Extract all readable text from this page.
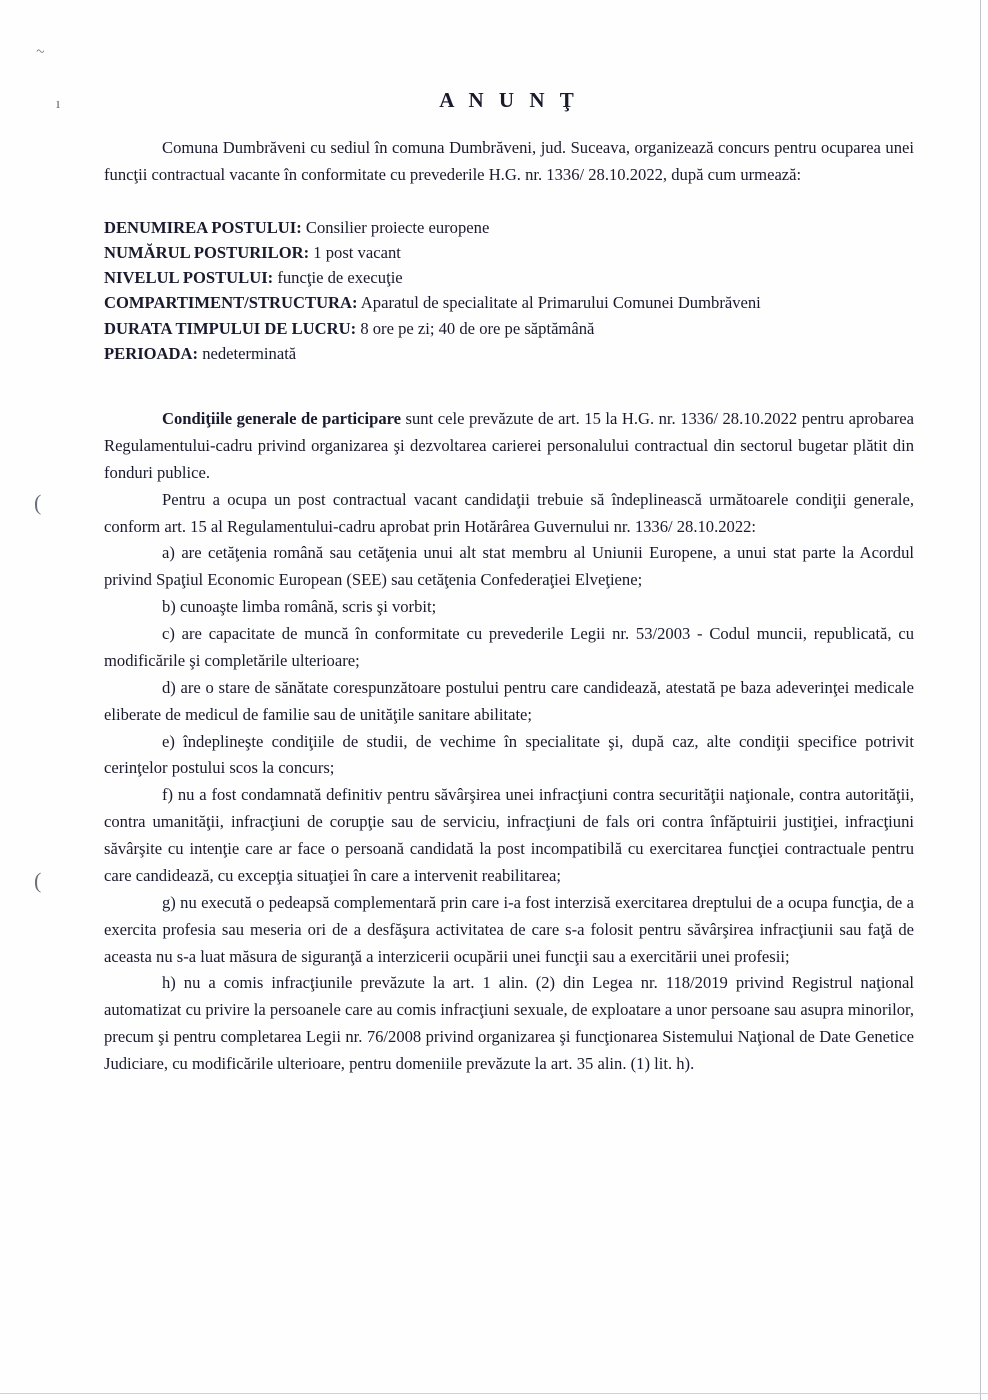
~
ı
(
(
A N U N Ţ

Comuna Dumbrăveni cu sediul în comuna Dumbrăveni, jud. Suceava, organizează concurs pentru ocuparea unei funcţii contractual vacante în conformitate cu prevederile H.G. nr. 1336/ 28.10.2022, după cum urmează:

DENUMIREA POSTULUI: Consilier proiecte europene

NUMĂRUL POSTURILOR: 1 post vacant

NIVELUL POSTULUI: funcţie de execuţie

COMPARTIMENT/STRUCTURA: Aparatul de specialitate al Primarului Comunei Dumbrăveni

DURATA TIMPULUI DE LUCRU: 8 ore pe zi; 40 de ore pe săptămână

PERIOADA: nedeterminată

Condiţiile generale de participare sunt cele prevăzute de art. 15 la H.G. nr. 1336/ 28.10.2022 pentru aprobarea Regulamentului-cadru privind organizarea şi dezvoltarea carierei personalului contractual din sectorul bugetar plătit din fonduri publice.

Pentru a ocupa un post contractual vacant candidaţii trebuie să îndeplinească următoarele condiţii generale, conform art. 15 al Regulamentului-cadru aprobat prin Hotărârea Guvernului nr. 1336/ 28.10.2022:

a) are cetăţenia română sau cetăţenia unui alt stat membru al Uniunii Europene, a unui stat parte la Acordul privind Spaţiul Economic European (SEE) sau cetăţenia Confederaţiei Elveţiene;

b) cunoaşte limba română, scris şi vorbit;

c) are capacitate de muncă în conformitate cu prevederile Legii nr. 53/2003 - Codul muncii, republicată, cu modificările şi completările ulterioare;

d) are o stare de sănătate corespunzătoare postului pentru care candidează, atestată pe baza adeverinţei medicale eliberate de medicul de familie sau de unităţile sanitare abilitate;

e) îndeplineşte condiţiile de studii, de vechime în specialitate şi, după caz, alte condiţii specifice potrivit cerinţelor postului scos la concurs;

f) nu a fost condamnată definitiv pentru săvârşirea unei infracţiuni contra securităţii naţionale, contra autorităţii, contra umanităţii, infracţiuni de corupţie sau de serviciu, infracţiuni de fals ori contra înfăptuirii justiţiei, infracţiuni săvârşite cu intenţie care ar face o persoană candidată la post incompatibilă cu exercitarea funcţiei contractuale pentru care candidează, cu excepţia situaţiei în care a intervenit reabilitarea;

g) nu execută o pedeapsă complementară prin care i-a fost interzisă exercitarea dreptului de a ocupa funcţia, de a exercita profesia sau meseria ori de a desfăşura activitatea de care s-a folosit pentru săvârşirea infracţiunii sau faţă de aceasta nu s-a luat măsura de siguranţă a interzicerii ocupării unei funcţii sau a exercitării unei profesii;

h) nu a comis infracţiunile prevăzute la art. 1 alin. (2) din Legea nr. 118/2019 privind Registrul naţional automatizat cu privire la persoanele care au comis infracţiuni sexuale, de exploatare a unor persoane sau asupra minorilor, precum şi pentru completarea Legii nr. 76/2008 privind organizarea şi funcţionarea Sistemului Naţional de Date Genetice Judiciare, cu modificările ulterioare, pentru domeniile prevăzute la art. 35 alin. (1) lit. h).
